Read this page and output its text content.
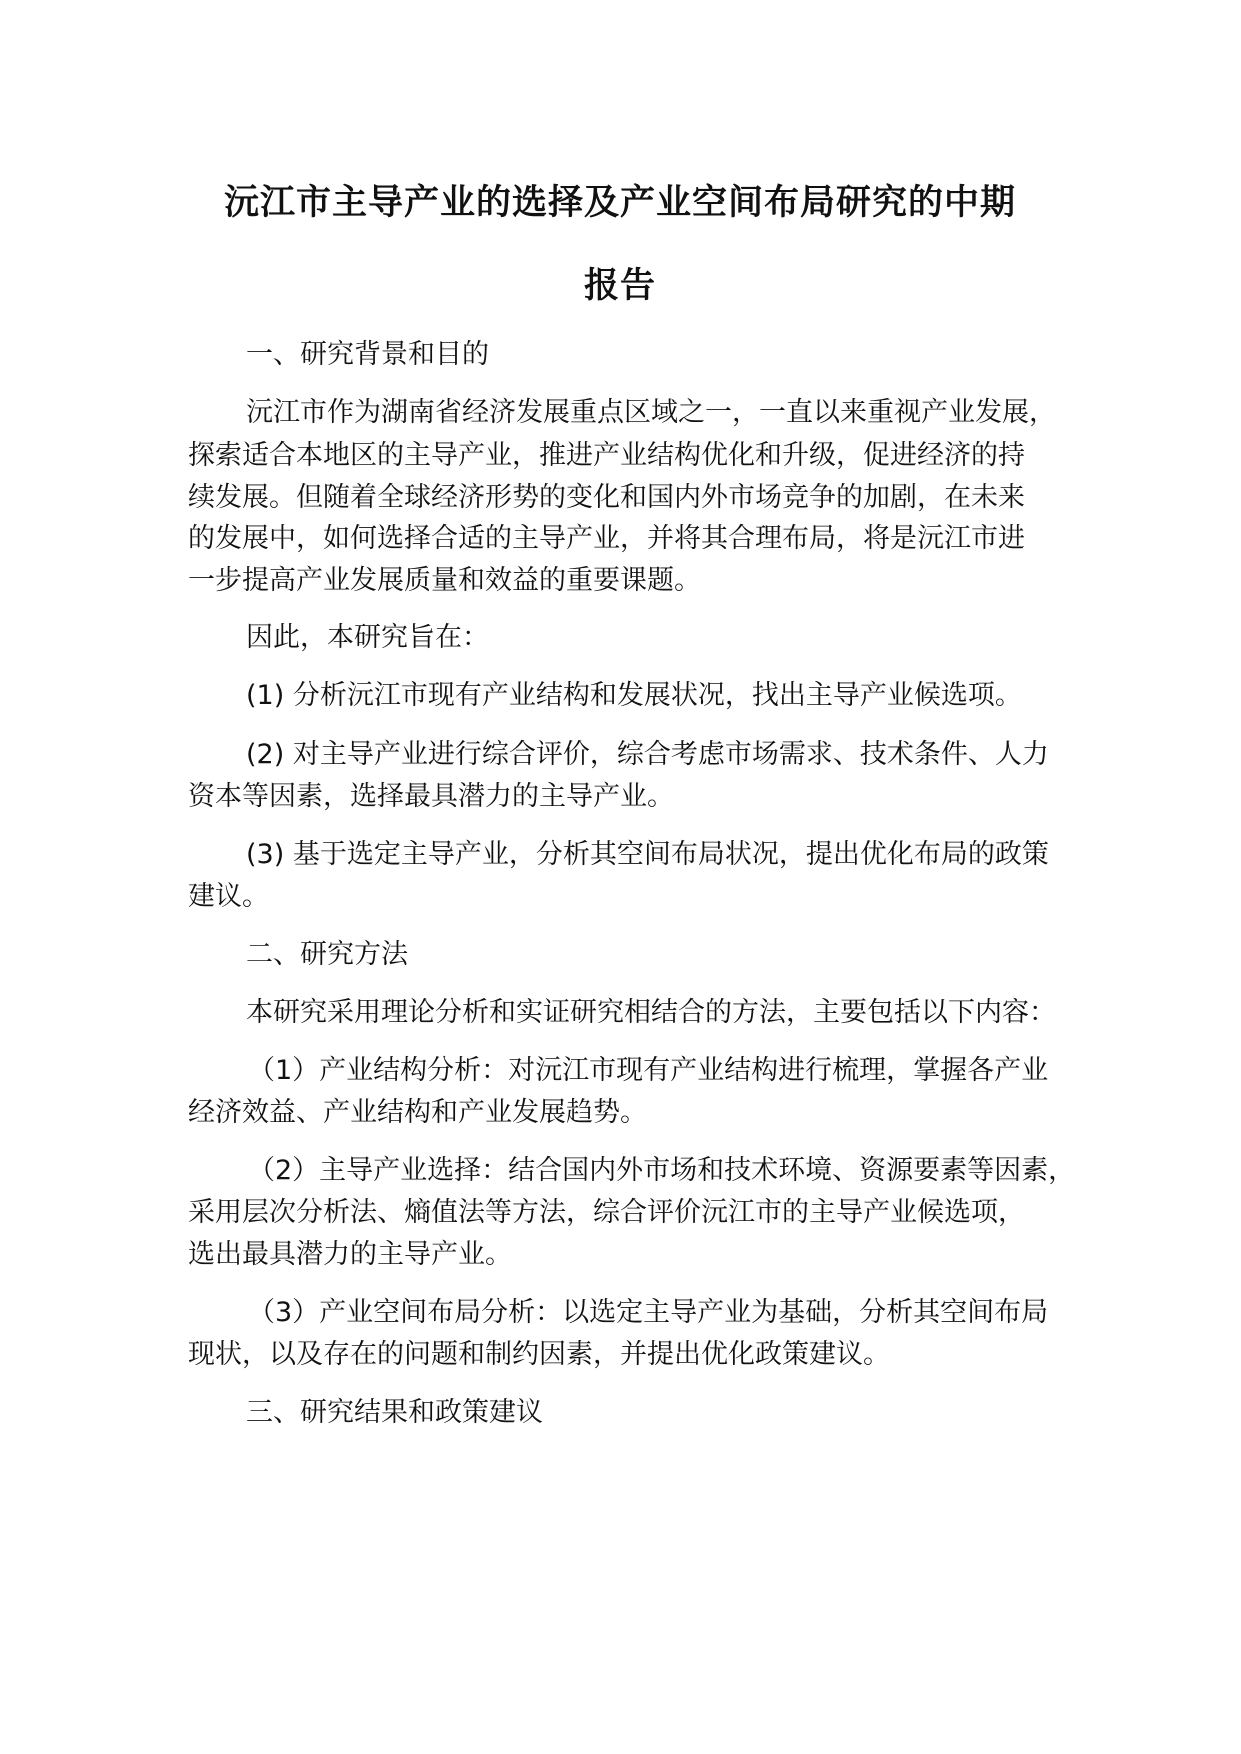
沅江市主导产业的选择及产业空间布局研究的中期
报告

一、研究背景和目的

沅江市作为湖南省经济发展重点区域之一，一直以来重视产业发展，

探索适合本地区的主导产业，推进产业结构优化和升级，促进经济的持

续发展。但随着全球经济形势的变化和国内外市场竞争的加剧，在未来

的发展中，如何选择合适的主导产业，并将其合理布局，将是沅江市进

一步提高产业发展质量和效益的重要课题。

因此，本研究旨在：

(1) 分析沅江市现有产业结构和发展状况，找出主导产业候选项。

(2) 对主导产业进行综合评价，综合考虑市场需求、技术条件、人力

资本等因素，选择最具潜力的主导产业。

(3) 基于选定主导产业，分析其空间布局状况，提出优化布局的政策

建议。

二、研究方法

本研究采用理论分析和实证研究相结合的方法，主要包括以下内容：

（1）产业结构分析：对沅江市现有产业结构进行梳理，掌握各产业

经济效益、产业结构和产业发展趋势。

（2）主导产业选择：结合国内外市场和技术环境、资源要素等因素，

采用层次分析法、熵值法等方法，综合评价沅江市的主导产业候选项，

选出最具潜力的主导产业。

（3）产业空间布局分析：以选定主导产业为基础，分析其空间布局

现状，以及存在的问题和制约因素，并提出优化政策建议。

三、研究结果和政策建议
